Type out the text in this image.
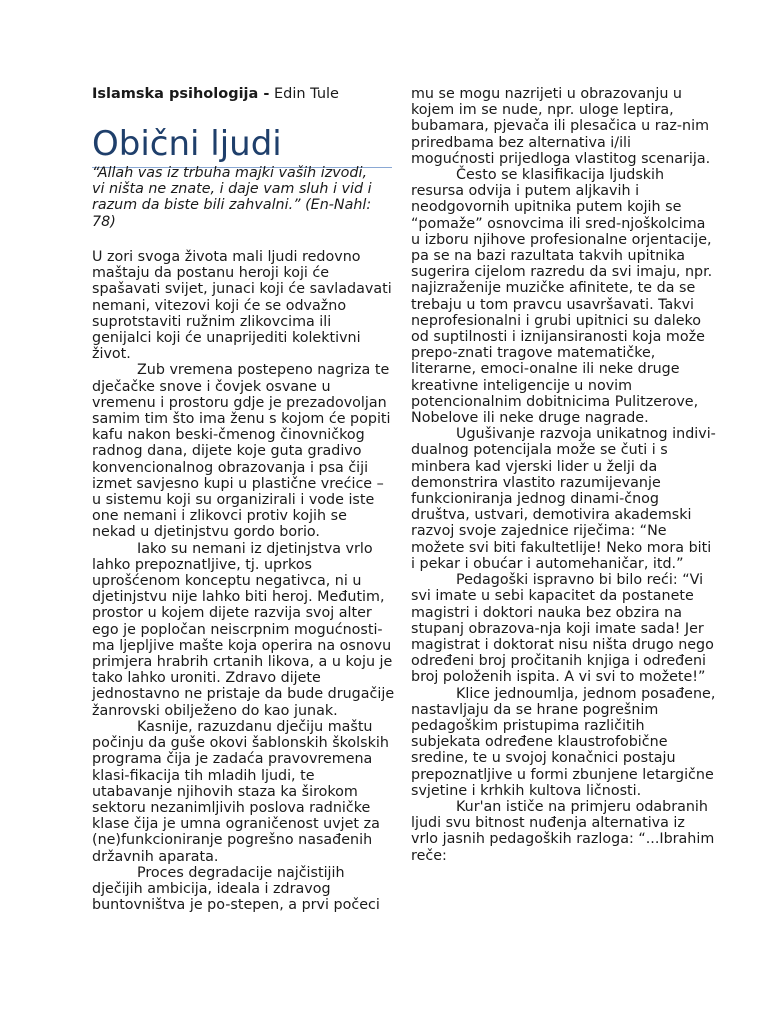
Islamska psihologija - Edin Tule
Obični ljudi

“Allah vas iz trbuha majki vaših izvodi, vi ništa ne znate, i daje vam sluh i vid i razum da biste bili zahvalni.” (En-Nahl: 78)

U zori svoga života mali ljudi redovno maštaju da postanu heroji koji će spašavati svijet, junaci koji će savladavati nemani, vitezovi koji će se odvažno suprotstaviti ružnim zlikovcima ili genijalci koji će unaprijediti kolektivni život.

Zub vremena postepeno nagriza te dječačke snove i čovjek osvane u vremenu i prostoru gdje je prezadovoljan samim tim što ima ženu s kojom će popiti kafu nakon beski-čmenog činovničkog radnog dana, dijete koje guta gradivo konvencionalnog obrazovanja i psa čiji izmet savjesno kupi u plastične vrećice – u sistemu koji su organizirali i vode iste one nemani i zlikovci protiv kojih se nekad u djetinjstvu gordo borio.

Iako su nemani iz djetinjstva vrlo lahko prepoznatljive, tj. uprkos uprošćenom konceptu negativca, ni u djetinjstvu nije lahko biti heroj. Međutim, prostor u kojem dijete razvija svoj alter ego je popločan neiscrpnim mogućnosti-ma ljepljive mašte koja operira na osnovu primjera hrabrih crtanih likova, a u koju je tako lahko uroniti. Zdravo dijete jednostavno ne pristaje da bude drugačije žanrovski obilježeno do kao junak.

Kasnije, razuzdanu dječiju maštu počinju da guše okovi šablonskih školskih programa čija je zadaća pravovremena klasi-fikacija tih mladih ljudi, te utabavanje njihovih staza ka širokom sektoru nezanimljivih poslova radničke klase čija je umna ograničenost uvjet za (ne)funkcioniranje pogrešno nasađenih državnih aparata.

Proces degradacije najčistijih dječijih ambicija, ideala i zdravog buntovništva je po-stepen, a prvi počeci

mu se mogu nazrijeti u obrazovanju u kojem im se nude, npr. uloge leptira, bubamara, pjevača ili plesačica u raz-nim priredbama bez alternativa i/ili mogućnosti prijedloga vlastitog scenarija.

Često se klasifikacija ljudskih resursa odvija i putem aljkavih i neodgovornih upitnika putem kojih se “pomaže” osnovcima ili sred-njoškolcima u izboru njihove profesionalne orjentacije, pa se na bazi razultata takvih upitnika sugerira cijelom razredu da svi imaju, npr. najizraženije muzičke afinitete, te da se trebaju u tom pravcu usavršavati. Takvi neprofesionalni i grubi upitnici su daleko od suptilnosti i iznijansiranosti koja može prepo-znati tragove matematičke, literarne, emoci-onalne ili neke druge kreativne inteligencije u novim potencionalnim dobitnicima Pulitzerove, Nobelove ili neke druge nagrade.

Ugušivanje razvoja unikatnog indivi-dualnog potencijala može se čuti i s minbera kad vjerski lider u želji da demonstrira vlastito razumijevanje funkcioniranja jednog dinami-čnog društva, ustvari, demotivira akademski razvoj svoje zajednice riječima: “Ne možete svi biti fakultetlije! Neko mora biti i pekar i obućar i automehaničar, itd.”

Pedagoški ispravno bi bilo reći: “Vi svi imate u sebi kapacitet da postanete magistri i doktori nauka bez obzira na stupanj obrazova-nja koji imate sada! Jer magistrat i doktorat nisu ništa drugo nego određeni broj pročitanih knjiga i određeni broj položenih ispita. A vi svi to možete!”

Klice jednoumlja, jednom posađene, nastavljaju da se hrane pogrešnim pedagoškim pristupima različitih subjekata određene klaustrofobične sredine, te u svojoj konačnici postaju prepoznatljive u formi zbunjene letargične svjetine i krhkih kultova ličnosti.

Kur'an ističe na primjeru odabranih ljudi svu bitnost nuđenja alternativa iz vrlo jasnih pedagoških razloga: “...Ibrahim reče:
